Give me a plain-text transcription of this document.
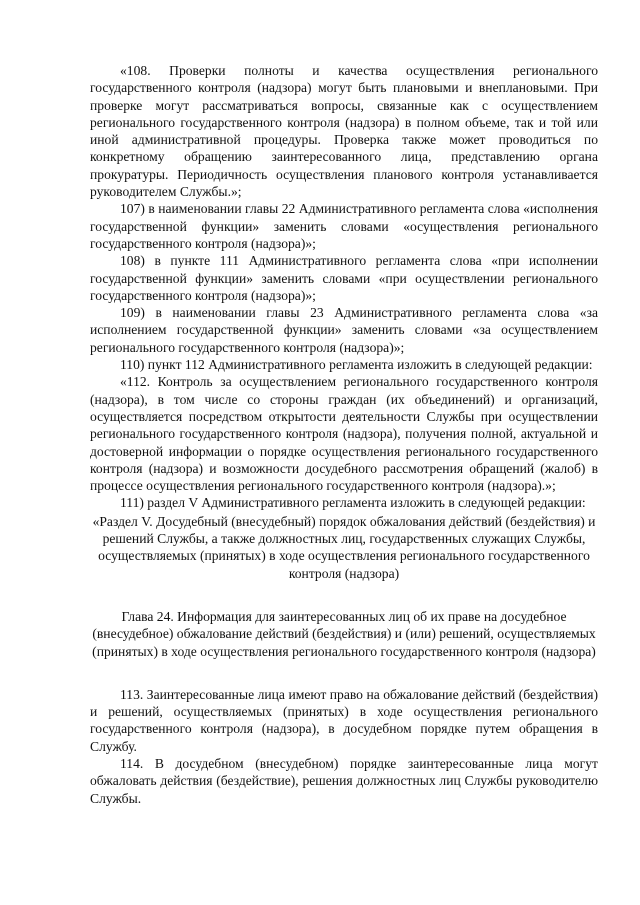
«108. Проверки полноты и качества осуществления регионального государственного контроля (надзора) могут быть плановыми и внеплановыми. При проверке могут рассматриваться вопросы, связанные как с осуществлением регионального государственного контроля (надзора) в полном объеме, так и той или иной административной процедуры. Проверка также может проводиться по конкретному обращению заинтересованного лица, представлению органа прокуратуры. Периодичность осуществления планового контроля устанавливается руководителем Службы.»;

107) в наименовании главы 22 Административного регламента слова «исполнения государственной функции» заменить словами «осуществления регионального государственного контроля (надзора)»;

108) в пункте 111 Административного регламента слова «при исполнении государственной функции» заменить словами «при осуществлении регионального государственного контроля (надзора)»;

109) в наименовании главы 23 Административного регламента слова «за исполнением государственной функции» заменить словами «за осуществлением регионального государственного контроля (надзора)»;

110) пункт 112 Административного регламента изложить в следующей редакции:

«112. Контроль за осуществлением регионального государственного контроля (надзора), в том числе со стороны граждан (их объединений) и организаций, осуществляется посредством открытости деятельности Службы при осуществлении регионального государственного контроля (надзора), получения полной, актуальной и достоверной информации о порядке осуществления регионального государственного контроля (надзора) и возможности досудебного рассмотрения обращений (жалоб) в процессе осуществления регионального государственного контроля (надзора).»;

111) раздел V Административного регламента изложить в следующей редакции:

«Раздел V. Досудебный (внесудебный) порядок обжалования действий (бездействия) и решений Службы, а также должностных лиц, государственных служащих Службы, осуществляемых (принятых) в ходе осуществления регионального государственного контроля (надзора)

Глава 24. Информация для заинтересованных лиц об их праве на досудебное (внесудебное) обжалование действий (бездействия) и (или) решений, осуществляемых (принятых) в ходе осуществления регионального государственного контроля (надзора)

113. Заинтересованные лица имеют право на обжалование действий (бездействия) и решений, осуществляемых (принятых) в ходе осуществления регионального государственного контроля (надзора), в досудебном порядке путем обращения в Службу.

114. В досудебном (внесудебном) порядке заинтересованные лица могут обжаловать действия (бездействие), решения должностных лиц Службы руководителю Службы.
